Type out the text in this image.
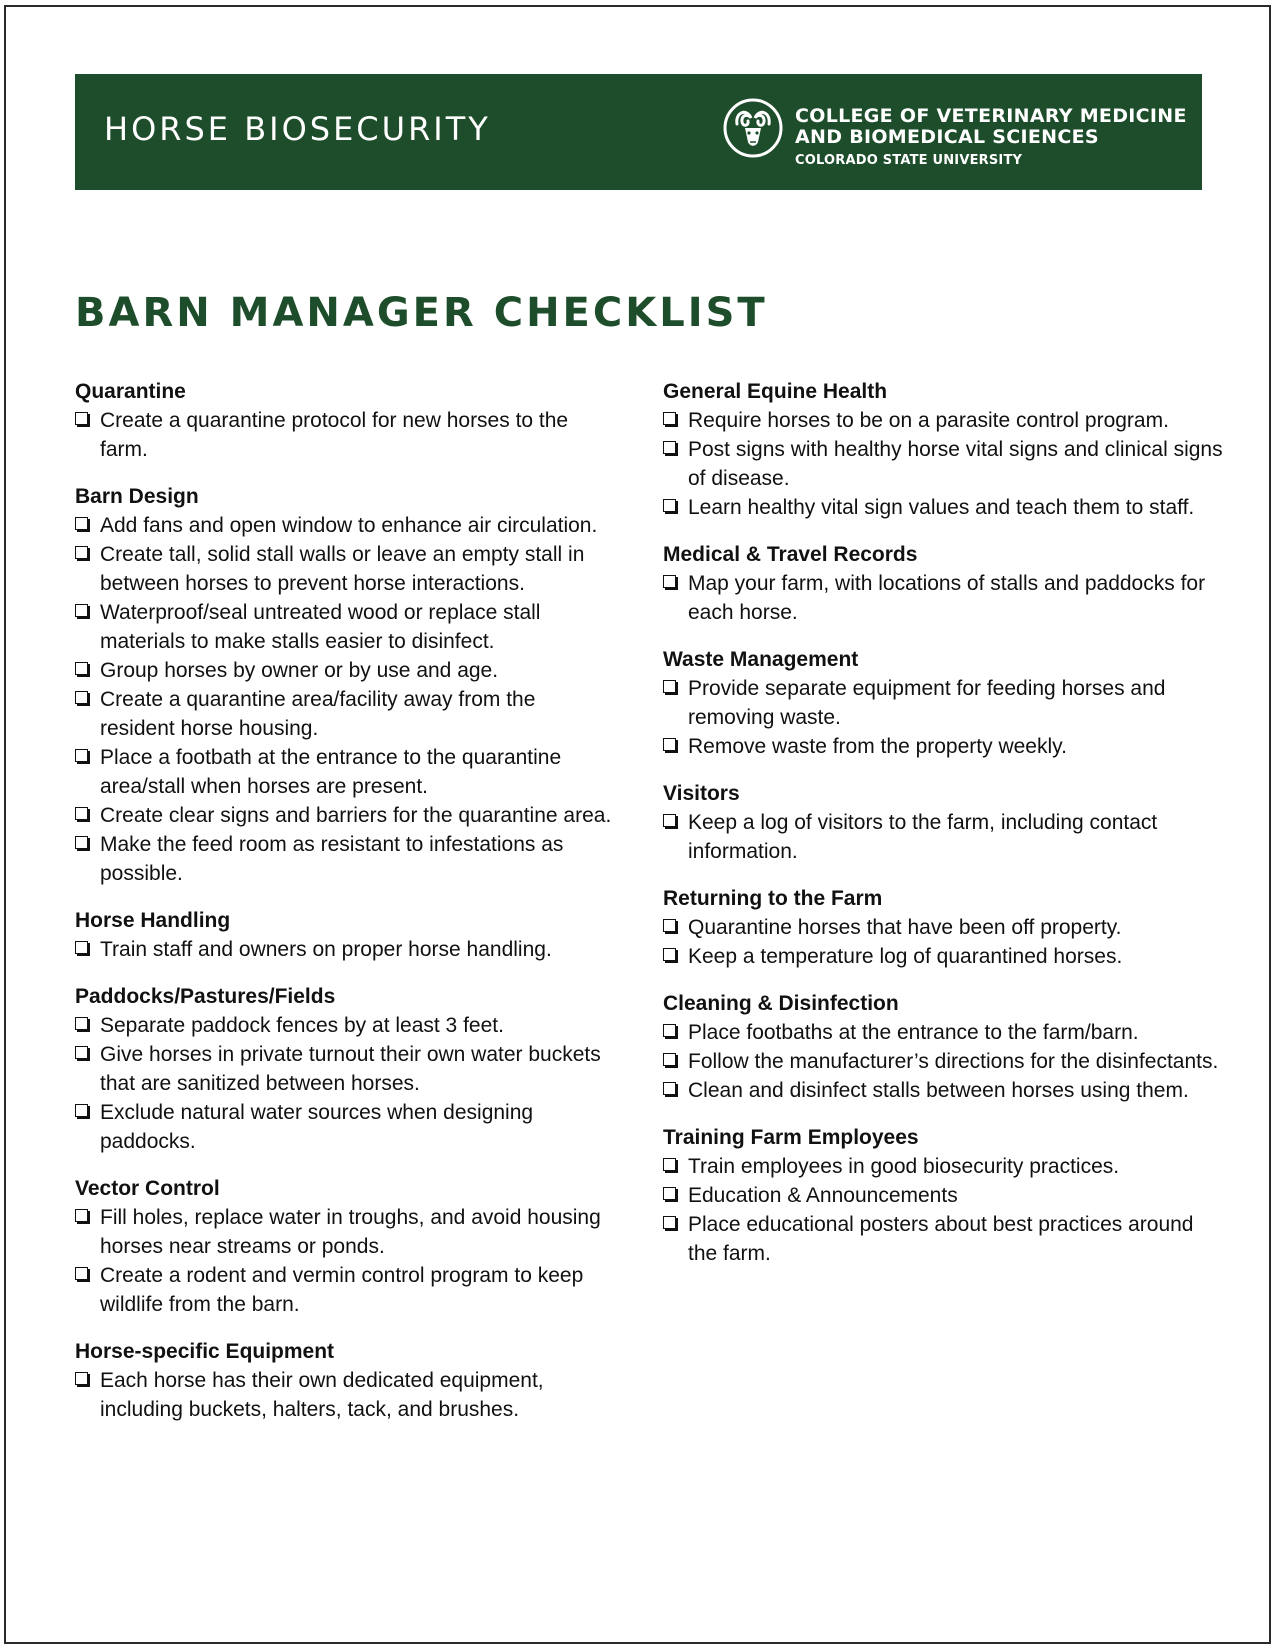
HORSE BIOSECURITY	COLLEGE OF VETERINARY MEDICINE
AND BIOMEDICAL SCIENCES
COLORADO STATE UNIVERSITY
BARN MANAGER CHECKLIST
Quarantine
Create a quarantine protocol for new horses to the farm.
Barn Design
Add fans and open window to enhance air circulation.
Create tall, solid stall walls or leave an empty stall in between horses to prevent horse interactions.
Waterproof/seal untreated wood or replace stall materials to make stalls easier to disinfect.
Group horses by owner or by use and age.
Create a quarantine area/facility away from the resident horse housing.
Place a footbath at the entrance to the quarantine area/stall when horses are present.
Create clear signs and barriers for the quarantine area.
Make the feed room as resistant to infestations as possible.
Horse Handling
Train staff and owners on proper horse handling.
Paddocks/Pastures/Fields
Separate paddock fences by at least 3 feet.
Give horses in private turnout their own water buckets that are sanitized between horses.
Exclude natural water sources when designing paddocks.
Vector Control
Fill holes, replace water in troughs, and avoid housing horses near streams or ponds.
Create a rodent and vermin control program to keep wildlife from the barn.
Horse-specific Equipment
Each horse has their own dedicated equipment, including buckets, halters, tack, and brushes.
General Equine Health
Require horses to be on a parasite control program.
Post signs with healthy horse vital signs and clinical signs of disease.
Learn healthy vital sign values and teach them to staff.
Medical & Travel Records
Map your farm, with locations of stalls and paddocks for each horse.
Waste Management
Provide separate equipment for feeding horses and removing waste.
Remove waste from the property weekly.
Visitors
Keep a log of visitors to the farm, including contact information.
Returning to the Farm
Quarantine horses that have been off property.
Keep a temperature log of quarantined horses.
Cleaning & Disinfection
Place footbaths at the entrance to the farm/barn.
Follow the manufacturer’s directions for the disinfectants.
Clean and disinfect stalls between horses using them.
Training Farm Employees
Train employees in good biosecurity practices.
Education & Announcements
Place educational posters about best practices around the farm.
